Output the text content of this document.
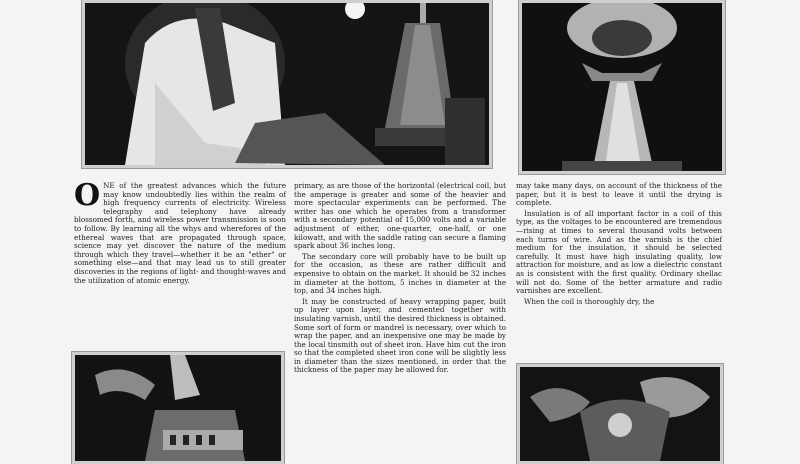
ONE of the greatest advances which the future may know undoubtedly lies within the realm of high frequency currents of electricity. Wireless telegraphy and telephony have already blossomed forth, and wireless power transmission is soon to follow. By learning all the whys and wherefores of the ethereal waves that are propagated through space, science may yet discover the nature of the medium through which they travel—whether it be an "ether" or something else—and that may lead us to still greater discoveries in the regions of light- and thought-waves and the utilization of atomic energy.

primary, as are those of the horizontal (electrical coil, but the amperage is greater and some of the heavier and more spectacular experiments can be performed. The writer has one which he operates from a transformer with a secondary potential of 15,000 volts and a variable adjustment of either, one-quarter, one-half, or one kilowatt, and with the saddle rating can secure a flaming spark about 36 inches long.

The secondary core will probably have to be built up for the occasion, as these are rather difficult and expensive to obtain on the market. It should be 32 inches in diameter at the bottom, 5 inches in diameter at the top, and 34 inches high.

It may be constructed of heavy wrapping paper, built up layer upon layer, and cemented together with insulating varnish, until the desired thickness is obtained. Some sort of form or mandrel is necessary, over which to wrap the paper, and an inexpensive one may be made by the local tinsmith out of sheet iron. Have him cut the iron so that the completed sheet iron cone will be slightly less in diameter than the sizes mentioned, in order that the thickness of the paper may be allowed for.

may take many days, on account of the thickness of the paper, but it is best to leave it until the drying is complete.

Insulation is of all important factor in a coil of this type, as the voltages to be encountered are tremendous—rising at times to several thousand volts between each turns of wire. And as the varnish is the chief medium for the insulation, it should be selected carefully. It must have high insulating quality, low attraction for moisture, and as low a dielectric constant as is consistent with the first quality. Ordinary shellac will not do. Some of the better armature and radio varnishes are excellent.

When the coil is thoroughly dry, the
